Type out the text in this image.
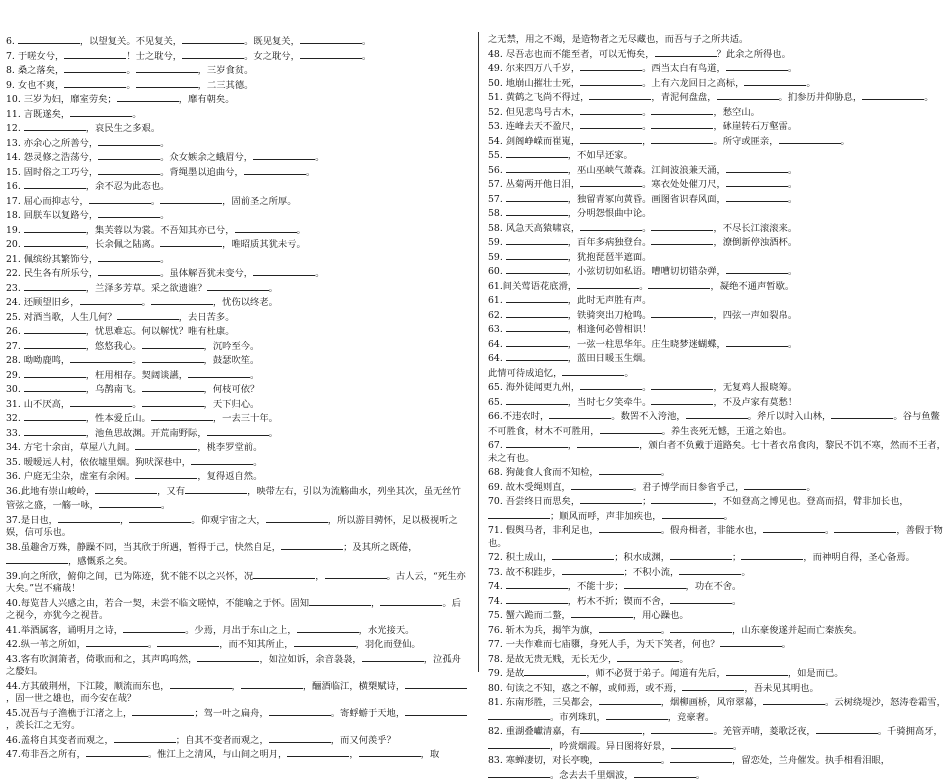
6.	，以望复关。不见复关，	。既见复关，	。

7. 于嗟女兮，	！士之耽兮，	。女之耽兮，	。

8. 桑之落矣，	。	，三岁食贫。

9. 女也不爽，	。	，二三其德。

10. 三岁为妇，靡室劳矣；	，靡有朝矣。

11. 言既遂矣，	。

12.	，哀民生之多艰。

13. 亦余心之所善兮，	。

14. 怨灵修之浩荡兮，	。众女嫉余之蛾眉兮，	。

15. 固时俗之工巧兮，	。背绳墨以追曲兮，	。

16.	，余不忍为此态也。

17. 屈心而抑志兮，	。	，固前圣之所厚。

18. 回朕车以复路兮，	。

19.	，集芙蓉以为裳。不吾知其亦已兮，	。

20.	，长余佩之陆离。	，唯昭质其犹未亏。

21. 佩缤纷其繁饰兮，	。

22. 民生各有所乐兮，	。虽体解吾犹未变兮，	。

23.	，兰泽多芳草。采之欲遗谁？	。

24. 还顾望旧乡，	。	，忧伤以终老。

25. 对酒当歌，人生几何？	，去日苦多。

26.	，忧思难忘。何以解忧？唯有杜康。

27.	，悠悠我心。	，沉吟至今。

28. 呦呦鹿鸣，	。	，鼓瑟吹笙。

29.	，枉用相存。契阔谈讌，	。

30.	，乌鹊南飞。	，何枝可依？

31. 山不厌高，	。	，天下归心。

32.	，性本爱丘山。	，一去三十年。

33.	，池鱼思故渊。开荒南野际，	。

34. 方宅十余亩，草屋八九间。	，桃李罗堂前。

35. 暧暧远人村，依依墟里烟。狗吠深巷中，	。

36. 户庭无尘杂，虚室有余闲。	，复得返自然。

36.此地有崇山峻岭，	，又有	，映带左右，引以为流觞曲水，列坐其次，虽无丝竹管弦之盛，一觞一咏，	。

37.是日也，	，	。仰观宇宙之大，	，所以游目骋怀，足以极视听之娱，信可乐也。

38.虽趣舍万殊，静躁不同，当其欣于所遇，暂得于己，快然自足，	；及其所之既倦，，感慨系之矣。

39.向之所欣，俯仰之间，已为陈迹，犹不能不以之兴怀，况	，	。古人云，“死生亦大矣。”岂不痛哉！

40.每览昔人兴感之由，若合一契，未尝不临文嗟悼，不能喻之于怀。固知	，	。后之视今，亦犹今之视昔。

41.举酒属客，诵明月之诗，	。少焉，月出于东山之上，	，水光接天。

42.纵一苇之所如，	。	，而不知其所止，	，羽化而登仙。

43.客有吹洞箫者，倚歌而和之，其声呜呜然，	，如泣如诉，余音袅袅，	，泣孤舟之嫠妇。

44.方其破荆州，下江陵，顺流而东也，	，	，酾酒临江，横槊赋诗，，固一世之雄也，而今安在哉？

45.况吾与子渔樵于江渚之上，	；驾一叶之扁舟，	。寄蜉蝣于天地，，羡长江之无穷。

46.盖将自其变者而观之，	；自其不变者而观之，	，而又何羡乎？

47.苟非吾之所有，	。惟江上之清风，与山间之明月，	，	，取

之无禁，用之不竭，是造物者之无尽藏也，而吾与子之所共适。

48. 尽吾志也而不能至者，可以无悔矣，	？此余之所得也。

49. 尔来四万八千岁，	。西当太白有鸟道，	。

50. 地崩山摧壮士死，	。上有六龙回日之高标，	。

51. 黄鹤之飞尚不得过，	，青泥何盘盘，	。扪参历井仰胁息，	。

52. 但见悲鸟号古木，	。	，愁空山。

53. 连峰去天不盈尺，	。	，砯崖转石万壑雷。

54. 剑阁峥嵘而崔嵬，	，	。所守或匪亲，	。

55.	，不如早还家。

56.	，巫山巫峡气萧森。江间波浪兼天涌，	。

57. 丛菊两开他日泪，	。寒衣处处催刀尺，	。

57.	，独留青冢向黄昏。画图省识春风面，	。

58.	，分明怨恨曲中论。

58. 风急天高猿啸哀，	。	，不尽长江滚滚来。

59.	，百年多病独登台。	，潦倒新停浊酒杯。

59.	，犹抱琵琶半遮面。

60.	，小弦切切如私语。嘈嘈切切错杂弹，	。

61.间关莺语花底滑，	。	，凝绝不通声暂歇。

61.	，此时无声胜有声。

62.	，铁骑突出刀枪鸣。	，四弦一声如裂帛。

63.	，相逢何必曾相识！

64.	，一弦一柱思华年。庄生晓梦迷蝴蝶，	。

64.	，蓝田日暖玉生烟。

此情可待成追忆，	。

65. 海外徒闻更九州，	。	，无复鸡人报晓筹。

65.	，当时七夕笑牵牛。	，不及卢家有莫愁！

66.不违农时，	。数罟不入洿池，	。斧斤以时入山林，	。谷与鱼鳖不可胜食，材木不可胜用，	。养生丧死无憾，王道之始也。

67.	，	，颁白者不负戴于道路矣。七十者衣帛食肉，黎民不饥不寒，然而不王者，未之有也。

68. 狗彘食人食而不知检，	。

69. 故木受绳则直，	。君子博学而日参省乎己，	。

70. 吾尝终日而思矣，	；	，不如登高之博见也。登高而招，臂非加长也，；顺风而呼，声非加疾也，	。

71. 假舆马者，非利足也，	。假舟楫者，非能水也，	。	，善假于物也。

72. 积土成山，	；积水成渊，	；	，而神明自得，圣心备焉。

73. 故不积跬步，	；不积小流，	。

74.	，不能十步；	，功在不舍。

74.	，朽木不折；锲而不舍，	。

75. 蟹六跪而二螯，	，用心躁也。

76. 斩木为兵，揭竿为旗，	。	，山东豪俊遂并起而亡秦族矣。

77. 一夫作难而七庙隳，身死人手，为天下笑者，何也？	。

78. 是故无贵无贱，无长无少，	。

79. 是故	，师不必贤于弟子。闻道有先后，	，如是而已。

80. 句读之不知，惑之不解，或师焉，或不焉，	，吾未见其明也。

81. 东南形胜，三吴都会，	，烟柳画桥，风帘翠幕，	。云树绕堤沙，怒涛卷霜雪，。市列珠玑，	，竞豪奢。

82. 重湖叠巘清嘉，有	，	。羌管弄晴，菱歌泛夜，	。千骑拥高牙，，吟赏烟霞。异日图将好景，	。

83. 寒蝉凄切，对长亭晚，	。	，留恋处，兰舟催发。执手相看泪眼，。念去去千里烟波，	。
